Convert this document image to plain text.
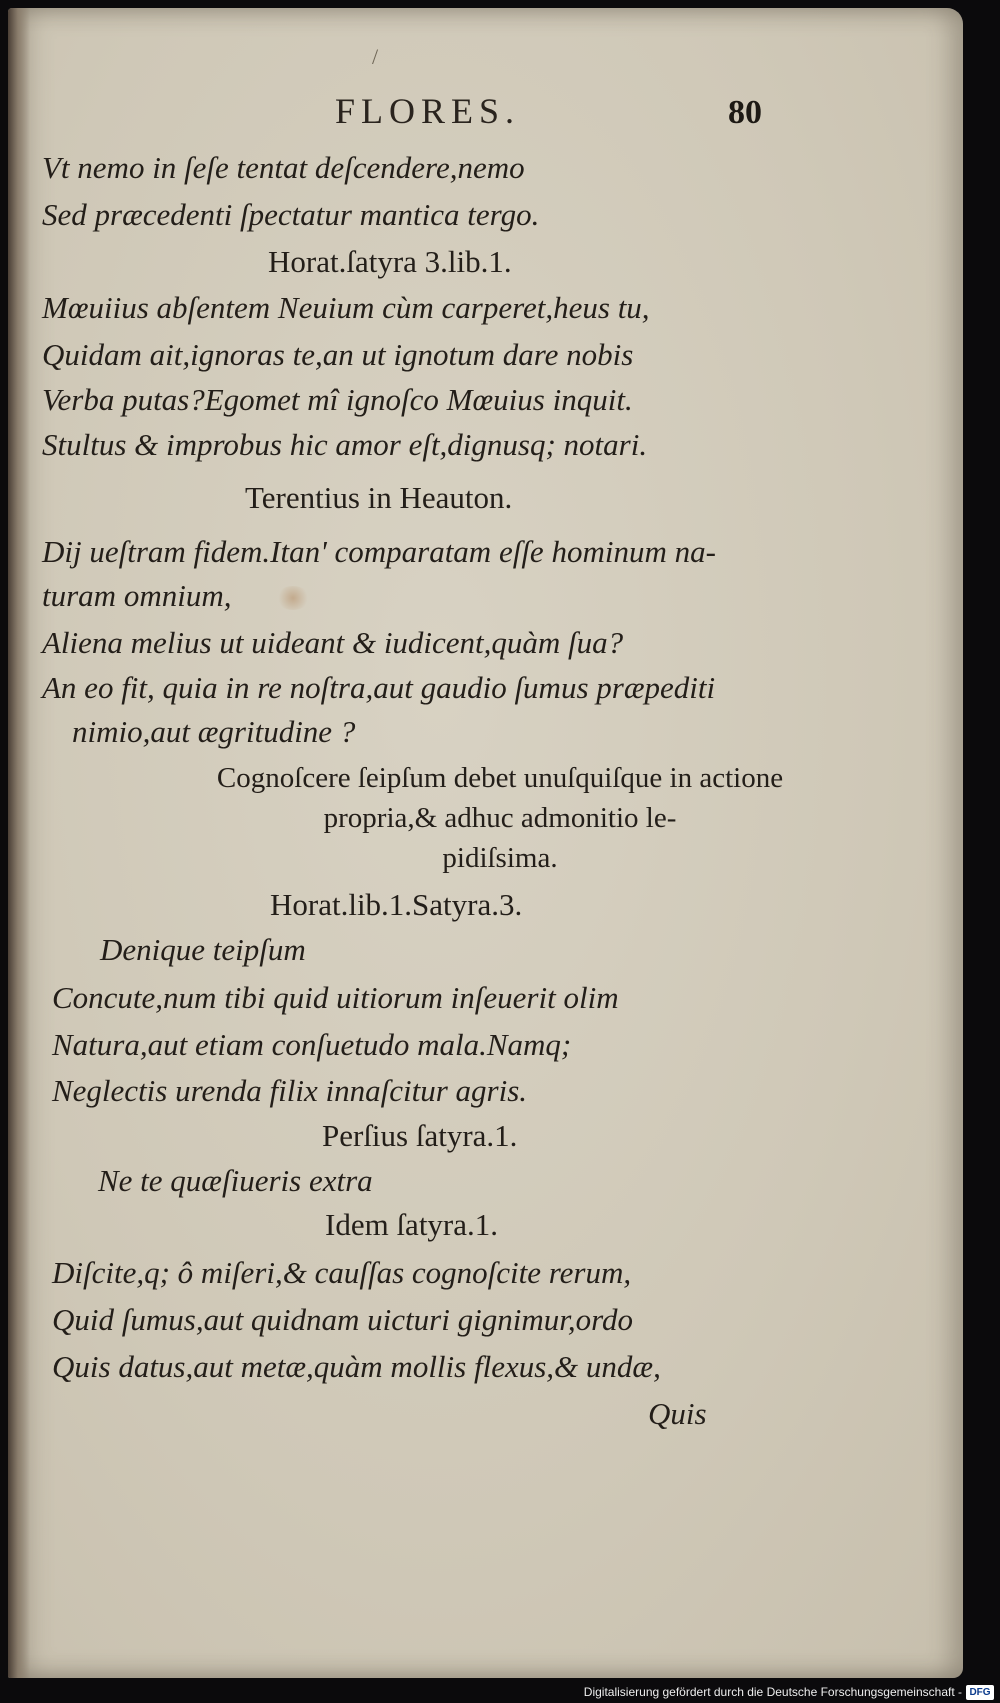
/
FLORES.	80
Vt nemo in ſeſe tentat deſcendere,nemo
Sed præcedenti ſpectatur mantica tergo.
Horat.ſatyra 3.lib.1.
Mœuiius abſentem Neuium cùm carperet,heus tu,
Quidam ait,ignoras te,an ut ignotum dare nobis
Verba putas?Egomet mî ignoſco Mœuius inquit.
Stultus & improbus hic amor eſt,dignusq; notari.
Terentius in Heauton.
Dij ueſtram fidem.Itan' comparatam eſſe hominum na-
turam omnium,
Aliena melius ut uideant & iudicent,quàm ſua?
An eo fit, quia in re noſtra,aut gaudio ſumus præpediti
nimio,aut ægritudine ?
Cognoſcere ſeipſum debet unuſquiſque in actione
propria,& adhuc admonitio le-
pidiſsima.
Horat.lib.1.Satyra.3.
Denique teipſum
Concute,num tibi quid uitiorum inſeuerit olim
Natura,aut etiam conſuetudo mala.Namq;
Neglectis urenda filix innaſcitur agris.
Perſius ſatyra.1.
Ne te quæſiueris extra
Idem ſatyra.1.
Diſcite,q; ô miſeri,& cauſſas cognoſcite rerum,
Quid ſumus,aut quidnam uicturi gignimur,ordo
Quis datus,aut metæ,quàm mollis flexus,& undæ,
Quis
Digitalisierung gefördert durch die Deutsche Forschungsgemeinschaft - DFG
